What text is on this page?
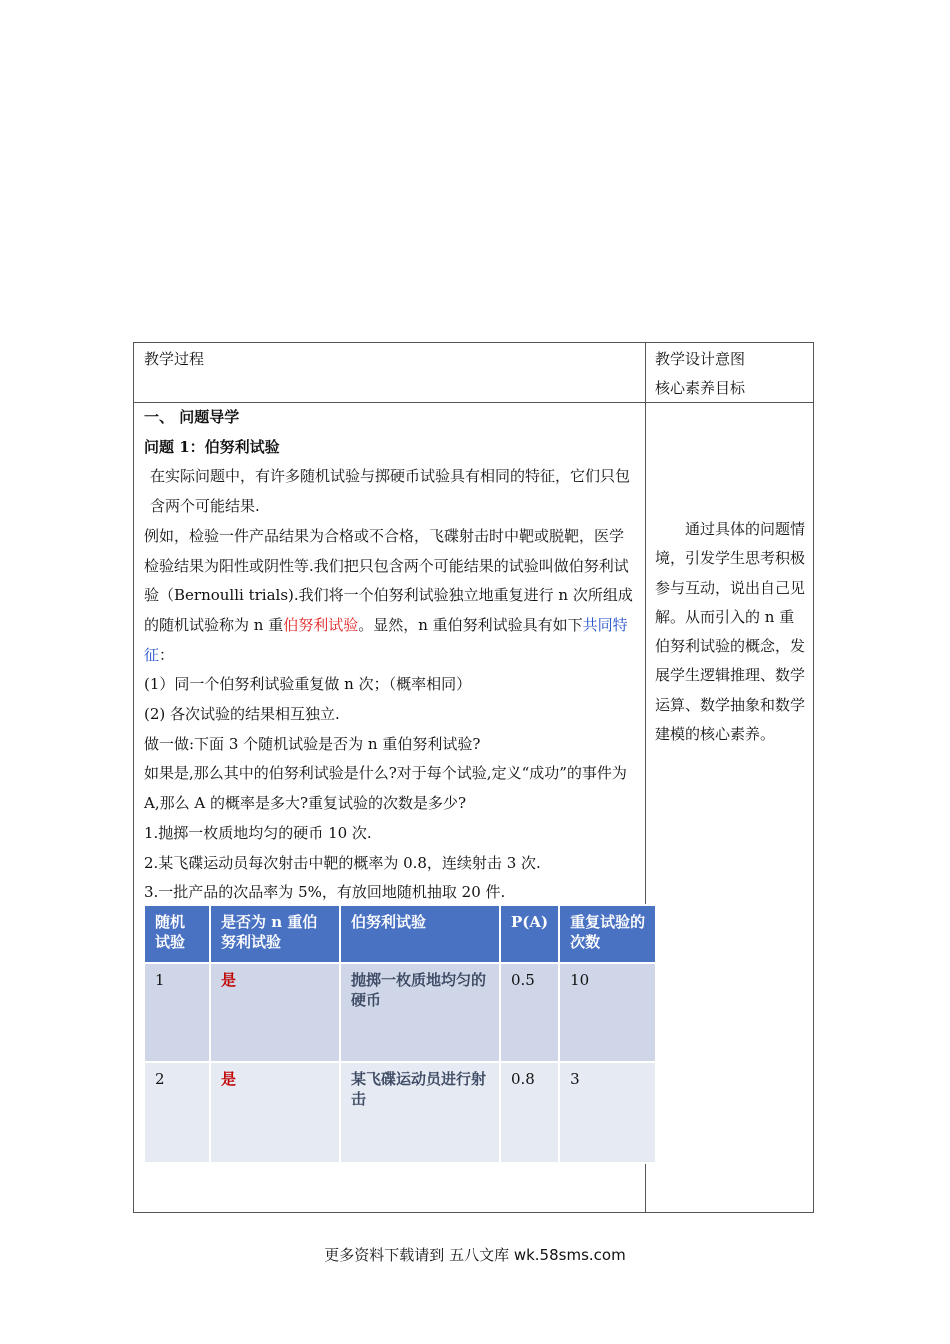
教学过程	教学设计意图
核心素养目标

一、 问题导学

问题 1：伯努利试验

在实际问题中，有许多随机试验与掷硬币试验具有相同的特征，它们只包含两个可能结果.

例如，检验一件产品结果为合格或不合格，飞碟射击时中靶或脱靶，医学检验结果为阳性或阴性等.我们把只包含两个可能结果的试验叫做伯努利试验（Bernoulli trials).我们将一个伯努利试验独立地重复进行 n 次所组成的随机试验称为 n 重伯努利试验。显然，n 重伯努利试验具有如下共同特征：

(1）同一个伯努利试验重复做 n 次；（概率相同）

(2) 各次试验的结果相互独立.

做一做:下面 3 个随机试验是否为 n 重伯努利试验?

如果是,那么其中的伯努利试验是什么?对于每个试验,定义“成功”的事件为 A,那么 A 的概率是多大?重复试验的次数是多少?

1.抛掷一枚质地均匀的硬币 10 次.

2.某飞碟运动员每次射击中靶的概率为 0.8，连续射击 3 次.

3.一批产品的次品率为 5%，有放回地随机抽取 20 件.

通过具体的问题情境，引发学生思考积极参与互动，说出自己见解。从而引入的 n 重伯努利试验的概念，发展学生逻辑推理、数学运算、数学抽象和数学建模的核心素养。
随机试验	是否为 n 重伯努利试验	伯努利试验	P(A)	重复试验的次数
1	是	抛掷一枚质地均匀的硬币	0.5	10
2	是	某飞碟运动员进行射击	0.8	3
更多资料下载请到 五八文库 wk.58sms.com
